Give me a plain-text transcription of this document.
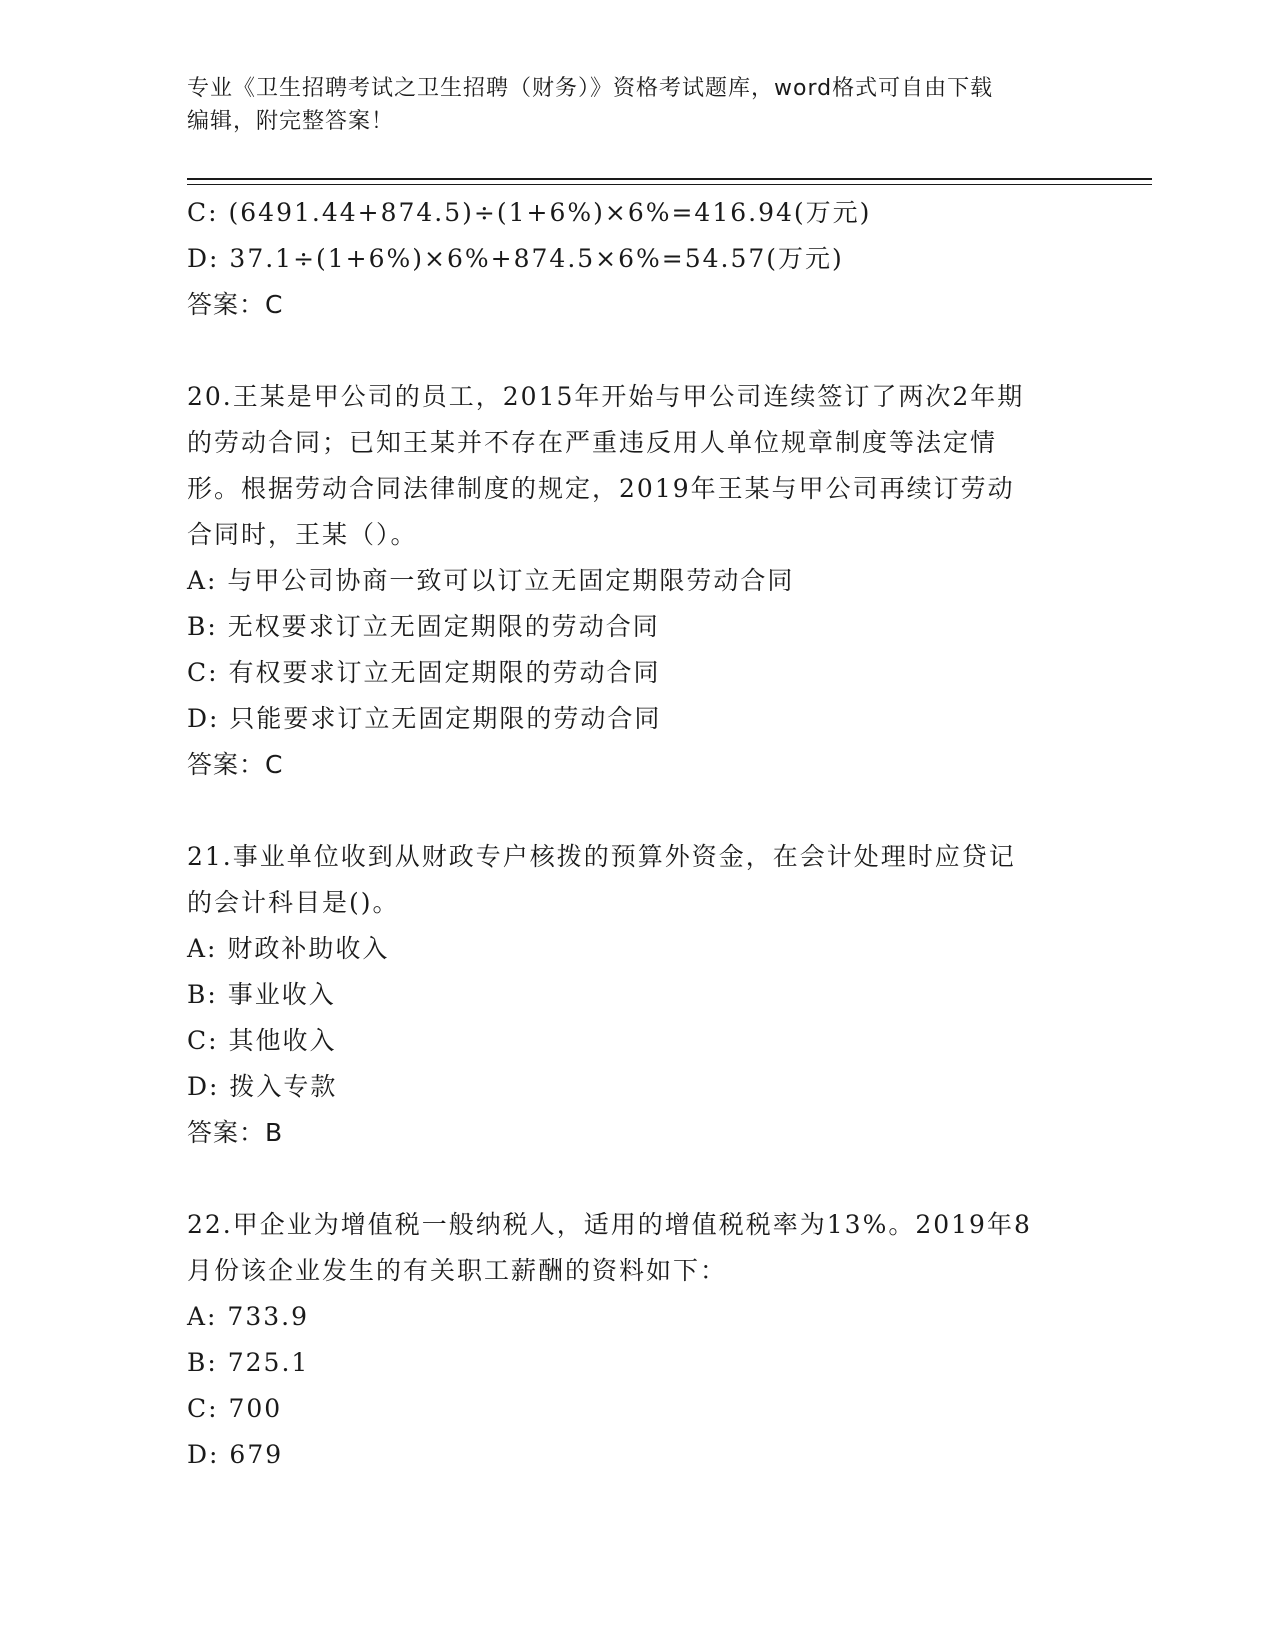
专业《卫生招聘考试之卫生招聘（财务）》资格考试题库，word格式可自由下载
编辑，附完整答案！
C: (6491.44+874.5)÷(1+6%)×6%=416.94(万元)
D: 37.1÷(1+6%)×6%+874.5×6%=54.57(万元)
答案：C
20.王某是甲公司的员工，2015年开始与甲公司连续签订了两次2年期
的劳动合同；已知王某并不存在严重违反用人单位规章制度等法定情
形。根据劳动合同法律制度的规定，2019年王某与甲公司再续订劳动
合同时，王某（）。
A: 与甲公司协商一致可以订立无固定期限劳动合同
B: 无权要求订立无固定期限的劳动合同
C: 有权要求订立无固定期限的劳动合同
D: 只能要求订立无固定期限的劳动合同
答案：C
21.事业单位收到从财政专户核拨的预算外资金，在会计处理时应贷记
的会计科目是()。
A: 财政补助收入
B: 事业收入
C: 其他收入
D: 拨入专款
答案：B
22.甲企业为增值税一般纳税人，适用的增值税税率为13%。2019年8
月份该企业发生的有关职工薪酬的资料如下：
A: 733.9
B: 725.1
C: 700
D: 679
